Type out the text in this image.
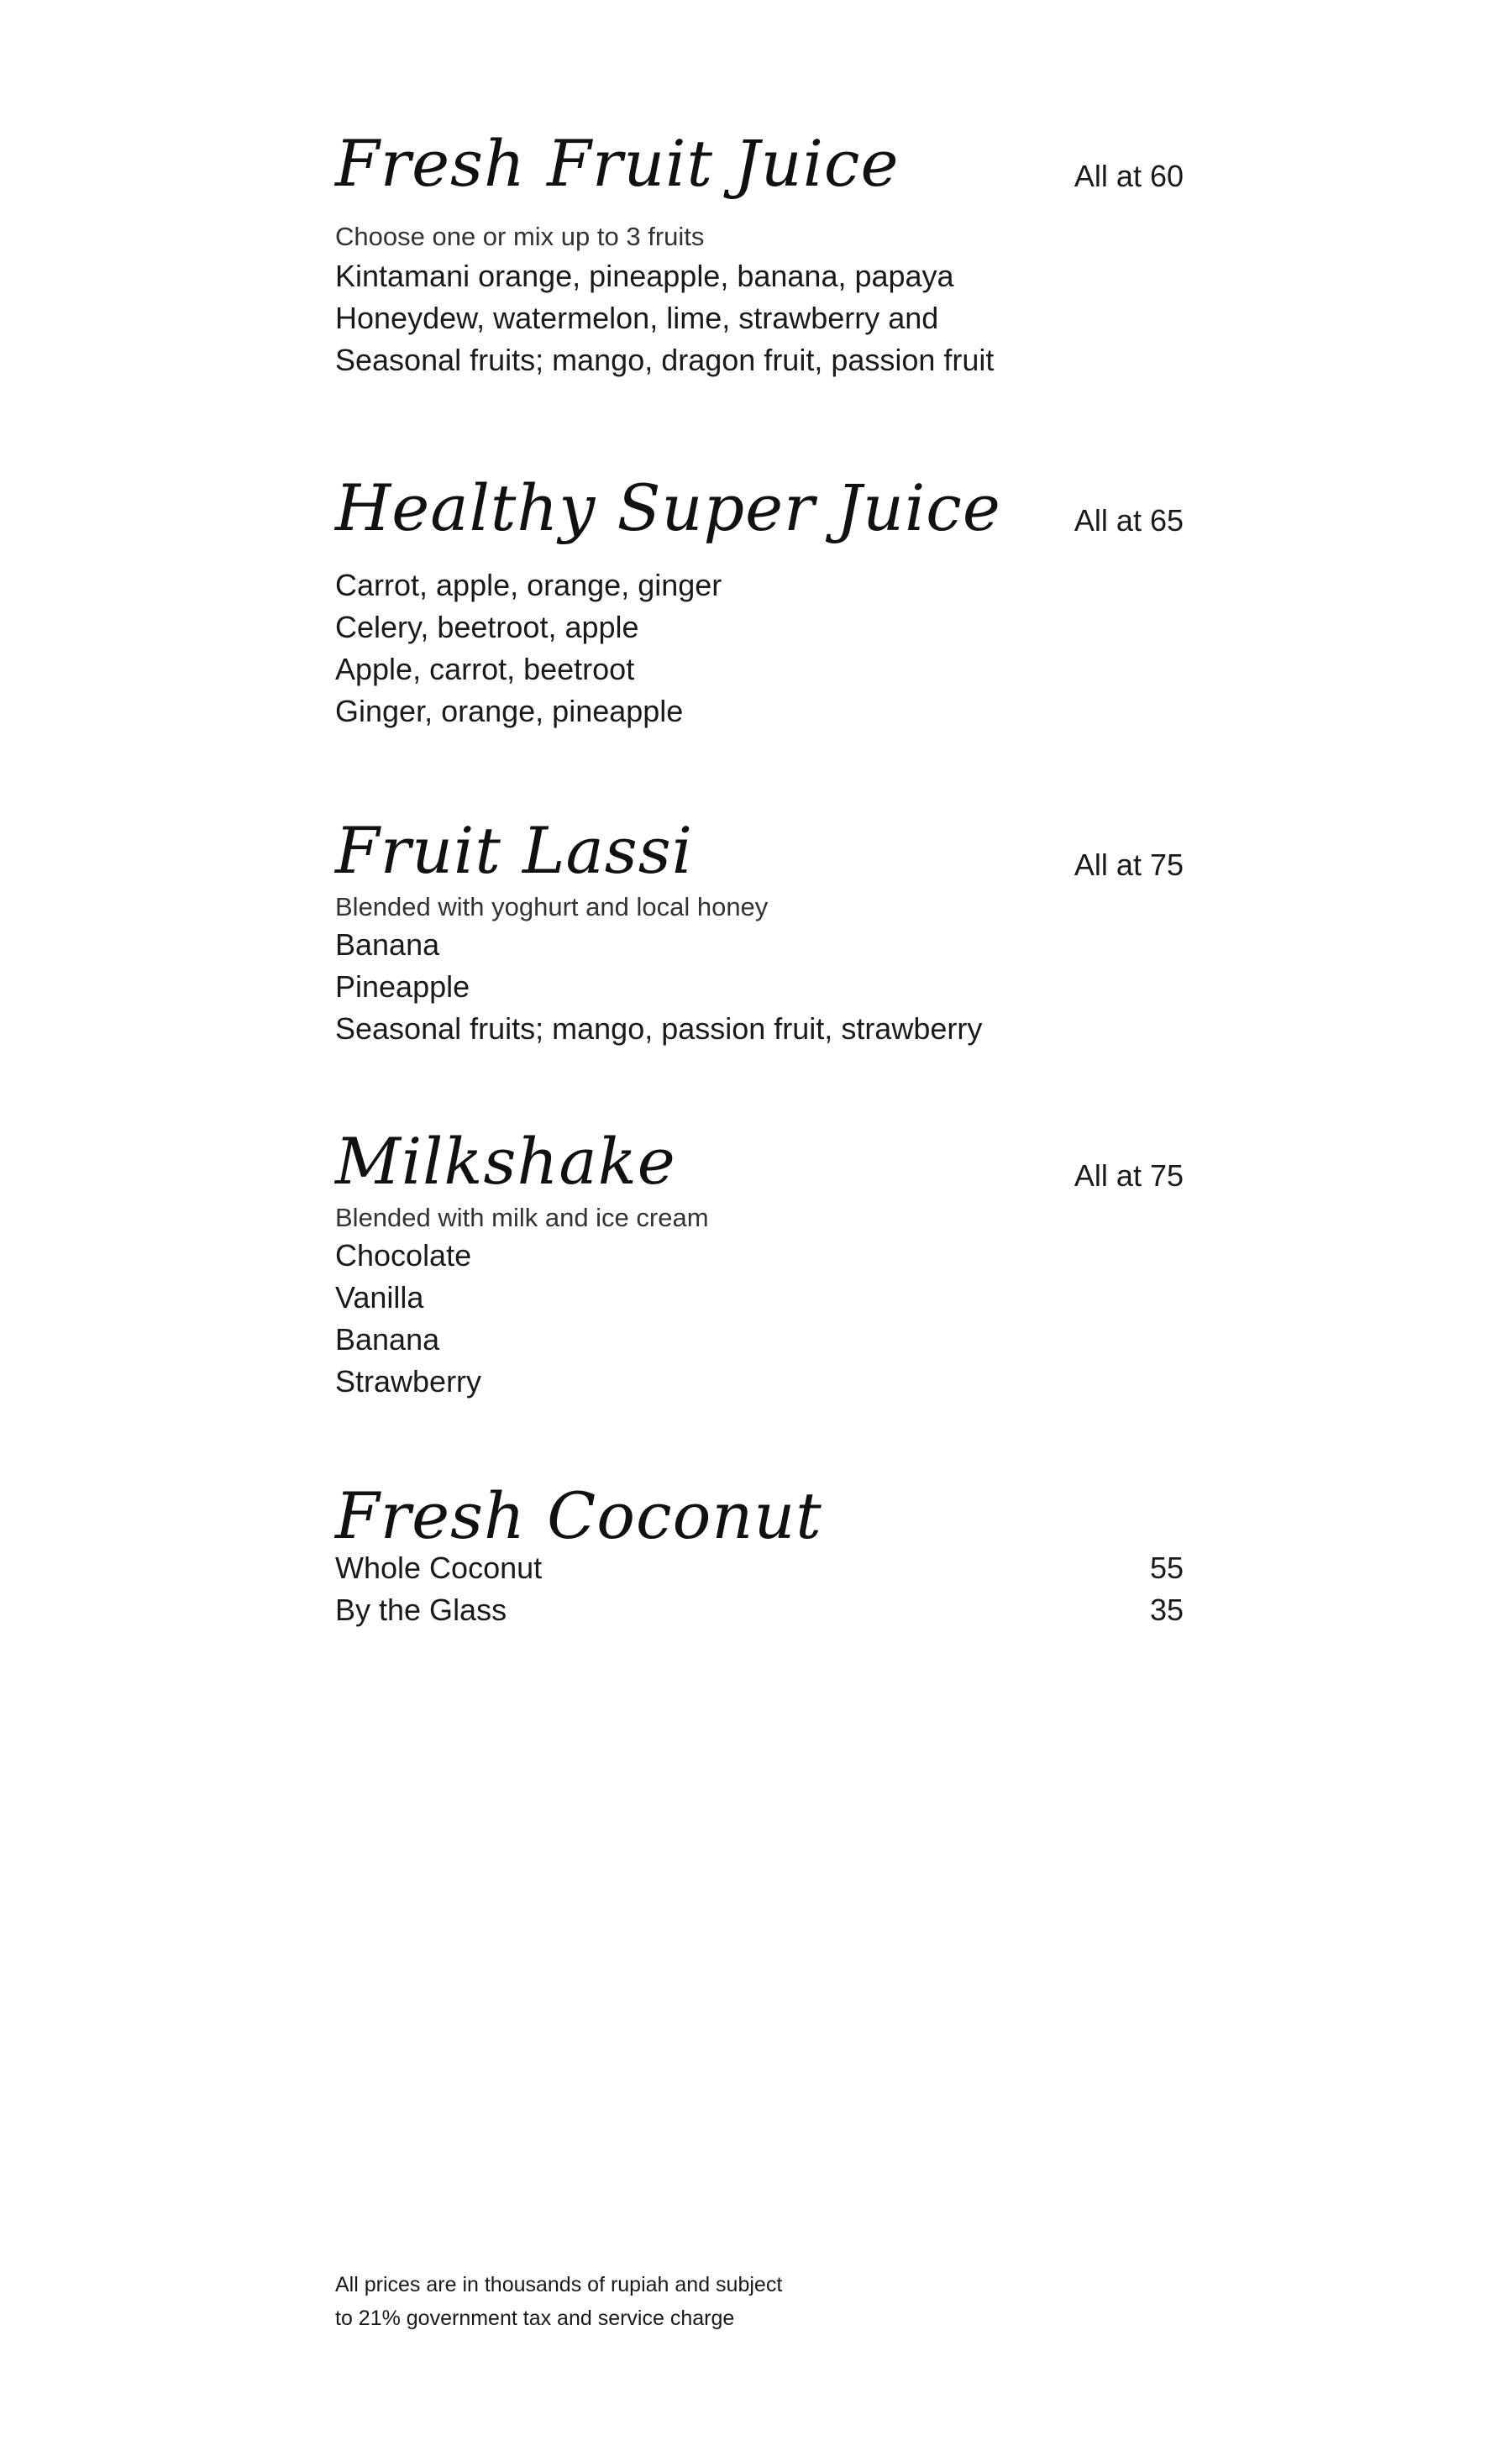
Fresh Fruit Juice	All at 60
Choose one or mix up to 3 fruits
Kintamani orange, pineapple, banana, papaya
Honeydew, watermelon, lime, strawberry and
Seasonal fruits; mango, dragon fruit, passion fruit
Healthy Super Juice All at 65
Carrot, apple, orange, ginger
Celery, beetroot, apple
Apple, carrot, beetroot
Ginger, orange, pineapple
Fruit Lassi	All at 75
Blended with yoghurt and local honey
Banana
Pineapple
Seasonal fruits; mango, passion fruit, strawberry
Milkshake	All at 75
Blended with milk and ice cream
Chocolate
Vanilla
Banana
Strawberry
Fresh Coconut
Whole Coconut	55
By the Glass	35
All prices are in thousands of rupiah and subject
to 21% government tax and service charge
